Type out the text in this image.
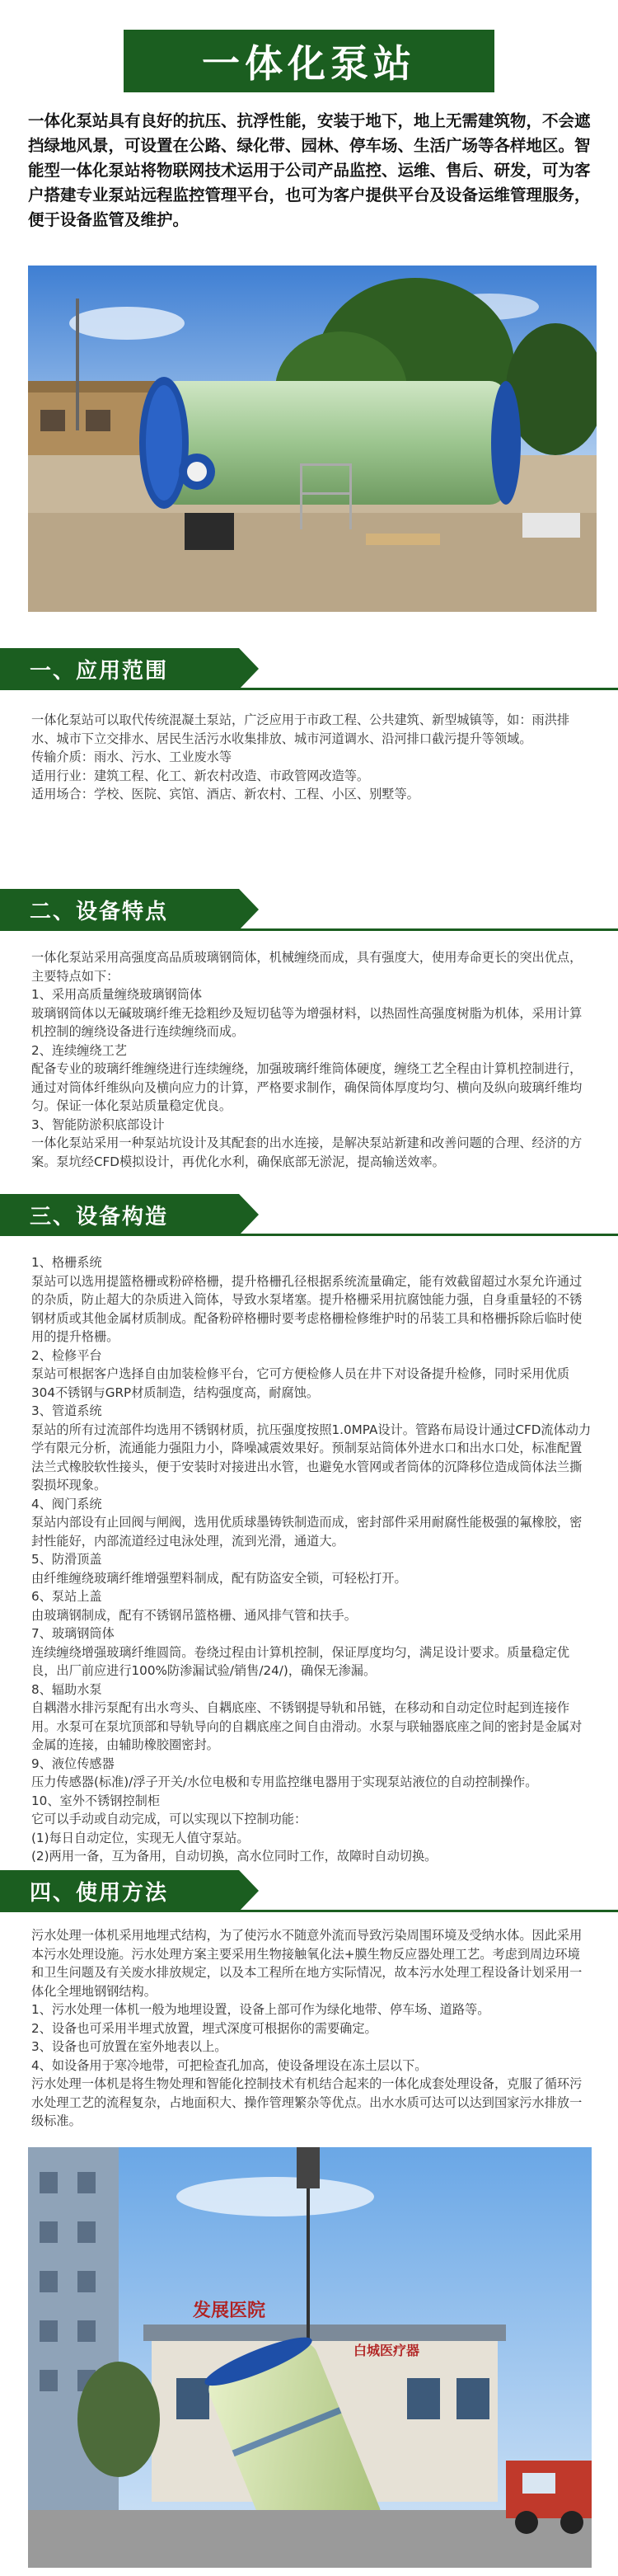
一体化泵站
一体化泵站具有良好的抗压、抗浮性能，安装于地下，地上无需建筑物，不会遮挡绿地风景，可设置在公路、绿化带、园林、停车场、生活广场等各样地区。智能型一体化泵站将物联网技术运用于公司产品监控、运维、售后、研发，可为客户搭建专业泵站远程监控管理平台，也可为客户提供平台及设备运维管理服务，便于设备监管及维护。
一、应用范围

一体化泵站可以取代传统混凝土泵站，广泛应用于市政工程、公共建筑、新型城镇等，如：雨洪排水、城市下立交排水、居民生活污水收集排放、城市河道调水、沿河排口截污提升等领域。

传输介质：雨水、污水、工业废水等

适用行业：建筑工程、化工、新农村改造、市政管网改造等。

适用场合：学校、医院、宾馆、酒店、新农村、工程、小区、别墅等。

二、设备特点

一体化泵站采用高强度高品质玻璃钢筒体，机械缠绕而成，具有强度大，使用寿命更长的突出优点，主要特点如下：

1、采用高质量缠绕玻璃钢筒体

玻璃钢筒体以无碱玻璃纤维无捻粗纱及短切毡等为增强材料，以热固性高强度树脂为机体，采用计算机控制的缠绕设备进行连续缠绕而成。

2、连续缠绕工艺

配备专业的玻璃纤维缠绕进行连续缠绕，加强玻璃纤维筒体硬度，缠绕工艺全程由计算机控制进行，通过对筒体纤维纵向及横向应力的计算，严格要求制作，确保筒体厚度均匀、横向及纵向玻璃纤维均匀。保证一体化泵站质量稳定优良。

3、智能防淤积底部设计

一体化泵站采用一种泵站坑设计及其配套的出水连接，是解决泵站新建和改善问题的合理、经济的方案。泵坑经CFD模拟设计，再优化水利，确保底部无淤泥，提高输送效率。

三、设备构造

1、格栅系统

泵站可以选用提篮格栅或粉碎格栅，提升格栅孔径根据系统流量确定，能有效截留超过水泵允许通过的杂质，防止超大的杂质进入筒体，导致水泵堵塞。提升格栅采用抗腐蚀能力强，自身重量轻的不锈钢材质或其他金属材质制成。配备粉碎格栅时要考虑格栅检修维护时的吊装工具和格栅拆除后临时使用的提升格栅。

2、检修平台

泵站可根据客户选择自由加装检修平台，它可方便检修人员在井下对设备提升检修，同时采用优质304不锈钢与GRP材质制造，结构强度高，耐腐蚀。

3、管道系统

泵站的所有过流部件均选用不锈钢材质，抗压强度按照1.0MPA设计。管路布局设计通过CFD流体动力学有限元分析，流通能力强阻力小，降噪减震效果好。预制泵站筒体外进水口和出水口处，标准配置法兰式橡胶软性接头，便于安装时对接进出水管，也避免水管网或者筒体的沉降移位造成筒体法兰撕裂损坏现象。

4、阀门系统

泵站内部设有止回阀与闸阀，选用优质球墨铸铁制造而成，密封部件采用耐腐性能极强的氟橡胶，密封性能好，内部流道经过电泳处理，流到光滑，通道大。

5、防滑顶盖

由纤维缠绕玻璃纤维增强塑料制成，配有防盗安全锁，可轻松打开。

6、泵站上盖

由玻璃钢制成，配有不锈钢吊篮格栅、通风排气管和扶手。

7、玻璃钢筒体

连续缠绕增强玻璃纤维圆筒。卷绕过程由计算机控制，保证厚度均匀，满足设计要求。质量稳定优良，出厂前应进行100%防渗漏试验/销售/24/)，确保无渗漏。

8、辐助水泵

自耦潜水排污泵配有出水弯头、自耦底座、不锈钢提导轨和吊链，在移动和自动定位时起到连接作用。水泵可在泵坑顶部和导轨导向的自耦底座之间自由滑动。水泵与联轴器底座之间的密封是金属对金属的连接，由辅助橡胶圈密封。

9、液位传感器

压力传感器(标准)/浮子开关/水位电极和专用监控继电器用于实现泵站液位的自动控制操作。

10、室外不锈钢控制柜

它可以手动或自动完成，可以实现以下控制功能：

(1)每日自动定位，实现无人值守泵站。

(2)两用一备，互为备用，自动切换，高水位同时工作，故障时自动切换。

四、使用方法

污水处理一体机采用地埋式结构，为了使污水不随意外流而导致污染周围环境及受纳水体。因此采用本污水处理设施。污水处理方案主要采用生物接触氧化法+膜生物反应器处理工艺。考虑到周边环境和卫生问题及有关废水排放规定，以及本工程所在地方实际情况，故本污水处理工程设备计划采用一体化全埋地钢钢结构。

1、污水处理一体机一般为地埋设置，设备上部可作为绿化地带、停车场、道路等。

2、设备也可采用半埋式放置，埋式深度可根据你的需要确定。

3、设备也可放置在室外地表以上。

4、如设备用于寒冷地带，可把检查孔加高，使设备埋设在冻土层以下。

污水处理一体机是将生物处理和智能化控制技术有机结合起来的一体化成套处理设备，克服了循环污水处理工艺的流程复杂，占地面积大、操作管理繁杂等优点。出水水质可达可以达到国家污水排放一级标准。

发展医院
白城医疗器
